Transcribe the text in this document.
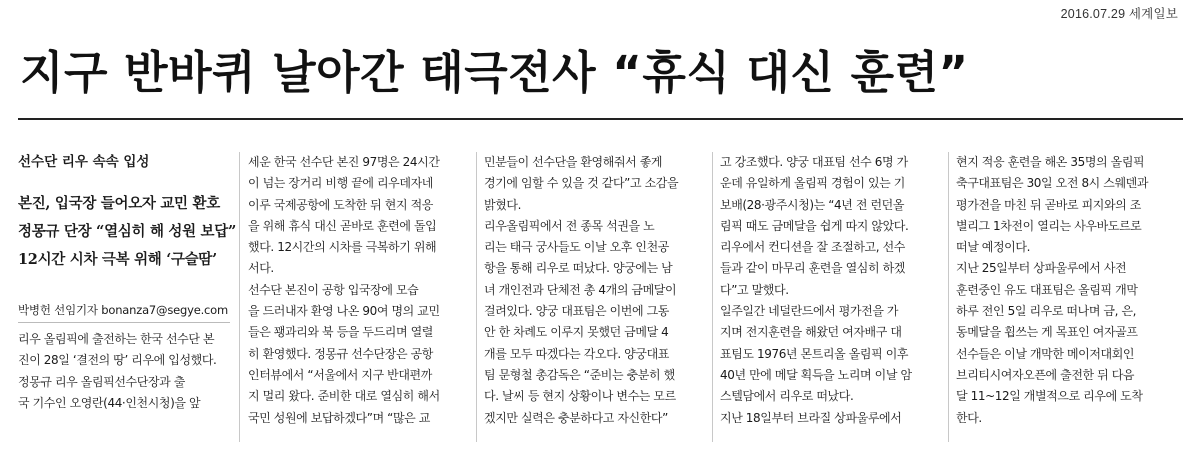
2016.07.29 세계일보
지구 반바퀴 날아간 태극전사 “휴식 대신 훈련”
선수단 리우 속속 입성
본진, 입국장 들어오자 교민 환호
정몽규 단장 “열심히 해 성원 보답”
12시간 시차 극복 위해 ‘구슬땀’
박병헌 선임기자 bonanza7@segye.com
리우 올림픽에 출전하는 한국 선수단 본
진이 28일 ‘결전의 땅’ 리우에 입성했다.
정몽규 리우 올림픽선수단장과 출
국 기수인 오영란(44·인천시청)을 앞
세운 한국 선수단 본진 97명은 24시간
이 넘는 장거리 비행 끝에 리우데자네
이루 국제공항에 도착한 뒤 현지 적응
을 위해 휴식 대신 곧바로 훈련에 돌입
했다. 12시간의 시차를 극복하기 위해
서다.
선수단 본진이 공항 입국장에 모습
을 드러내자 환영 나온 90여 명의 교민
들은 꽹과리와 북 등을 두드리며 열렬
히 환영했다. 정몽규 선수단장은 공항
인터뷰에서 “서울에서 지구 반대편까
지 멀리 왔다. 준비한 대로 열심히 해서
국민 성원에 보답하겠다”며 “많은 교
민분들이 선수단을 환영해줘서 좋게
경기에 임할 수 있을 것 같다”고 소감을
밝혔다.
리우올림픽에서 전 종목 석권을 노
리는 태극 궁사들도 이날 오후 인천공
항을 통해 리우로 떠났다. 양궁에는 남
녀 개인전과 단체전 총 4개의 금메달이
걸려있다. 양궁 대표팀은 이번에 그동
안 한 차례도 이루지 못했던 금메달 4
개를 모두 따겠다는 각오다. 양궁대표
팀 문형철 총감독은 “준비는 충분히 했
다. 날씨 등 현지 상황이나 변수는 모르
겠지만 실력은 충분하다고 자신한다”
고 강조했다. 양궁 대표팀 선수 6명 가
운데 유일하게 올림픽 경험이 있는 기
보배(28·광주시청)는 “4년 전 런던올
림픽 때도 금메달을 쉽게 따지 않았다.
리우에서 컨디션을 잘 조절하고, 선수
들과 같이 마무리 훈련을 열심히 하겠
다”고 말했다.
일주일간 네덜란드에서 평가전을 가
지며 전지훈련을 해왔던 여자배구 대
표팀도 1976년 몬트리올 올림픽 이후
40년 만에 메달 획득을 노리며 이날 암
스텔담에서 리우로 떠났다.
지난 18일부터 브라질 상파울루에서
현지 적응 훈련을 해온 35명의 올림픽
축구대표팀은 30일 오전 8시 스웨덴과
평가전을 마친 뒤 곧바로 피지와의 조
별리그 1차전이 열리는 사우바도르로
떠날 예정이다.
지난 25일부터 상파울루에서 사전
훈련중인 유도 대표팀은 올림픽 개막
하루 전인 5일 리우로 떠나며 금, 은,
동메달을 휩쓰는 게 목표인 여자골프
선수들은 이날 개막한 메이저대회인
브리티시여자오픈에 출전한 뒤 다음
달 11~12일 개별적으로 리우에 도착
한다.
